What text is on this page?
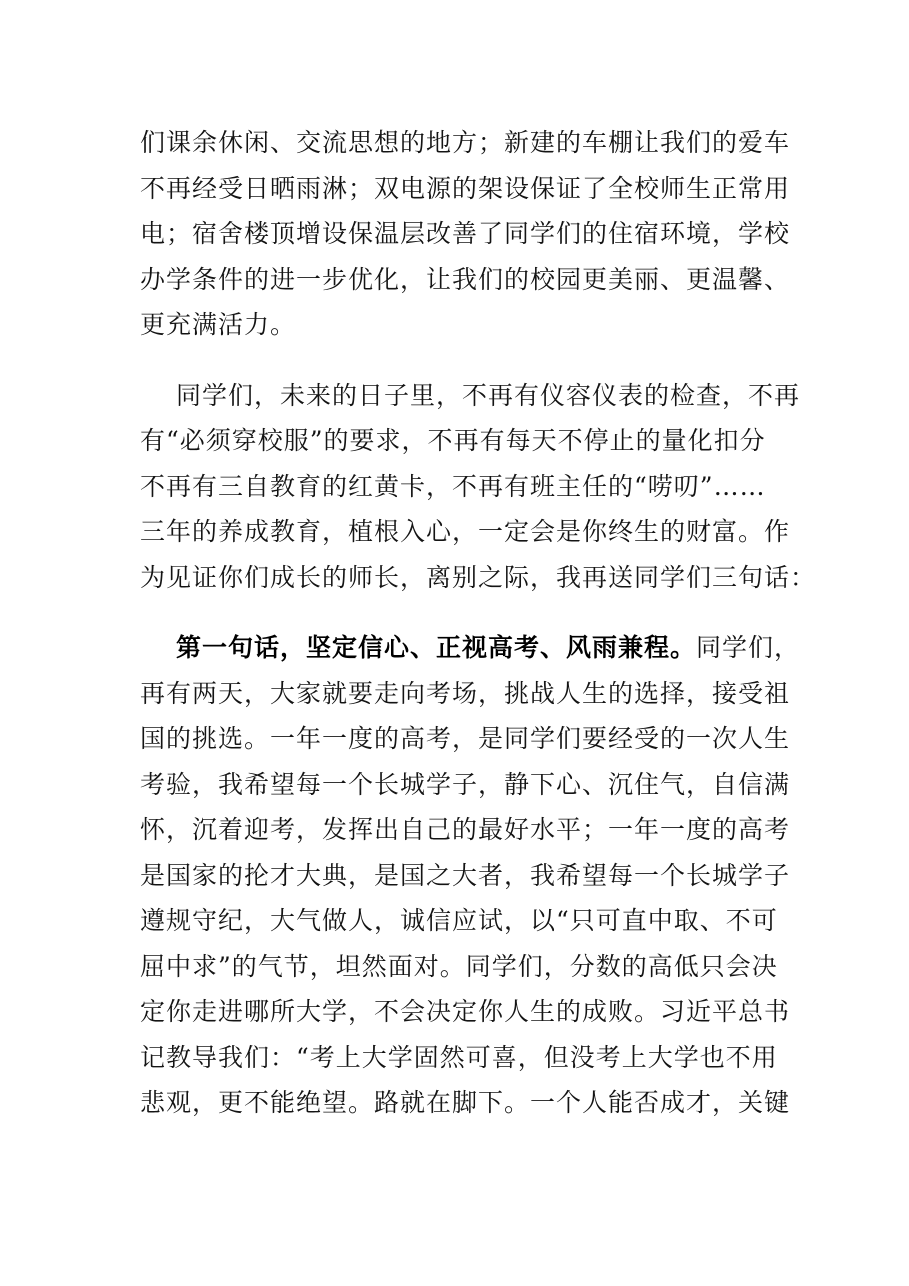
们课余休闲、交流思想的地方；新建的车棚让我们的爱车
不再经受日晒雨淋；双电源的架设保证了全校师生正常用
电；宿舍楼顶增设保温层改善了同学们的住宿环境，学校
办学条件的进一步优化，让我们的校园更美丽、更温馨、
更充满活力。
同学们，未来的日子里，不再有仪容仪表的检查，不再
有“必须穿校服”的要求，不再有每天不停止的量化扣分
不再有三自教育的红黄卡，不再有班主任的“唠叨”……
三年的养成教育，植根入心，一定会是你终生的财富。作
为见证你们成长的师长，离别之际，我再送同学们三句话：
第一句话，坚定信心、正视高考、风雨兼程。同学们，
再有两天，大家就要走向考场，挑战人生的选择，接受祖
国的挑选。一年一度的高考，是同学们要经受的一次人生
考验，我希望每一个长城学子，静下心、沉住气，自信满
怀，沉着迎考，发挥出自己的最好水平；一年一度的高考
是国家的抡才大典，是国之大者，我希望每一个长城学子
遵规守纪，大气做人，诚信应试，以“只可直中取、不可
屈中求”的气节，坦然面对。同学们，分数的高低只会决
定你走进哪所大学，不会决定你人生的成败。习近平总书
记教导我们：“考上大学固然可喜，但没考上大学也不用
悲观，更不能绝望。路就在脚下。一个人能否成才，关键
